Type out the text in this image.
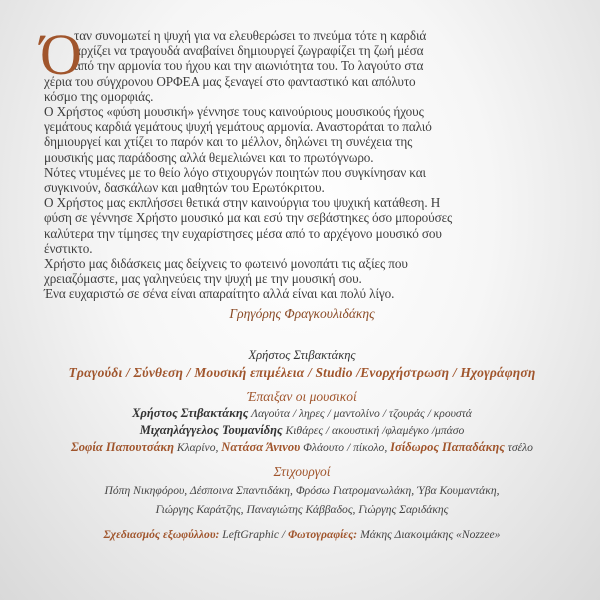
Ό
ταν συνομωτεί η ψυχή για να ελευθερώσει το πνεύμα τότε η καρδιά
αρχίζει να τραγουδά αναβαίνει δημιουργεί ζωγραφίζει τη ζωή μέσα
από την αρμονία του ήχου και την αιωνιότητα του. Το λαγούτο στα
χέρια του σύγχρονου ΟΡΦΕΑ μας ξεναγεί στο φανταστικό και απόλυτο
κόσμο της ομορφιάς.
Ο Χρήστος «φύση μουσική» γέννησε τους καινούριους μουσικούς ήχους
γεμάτους καρδιά γεμάτους ψυχή γεμάτους αρμονία. Αναστοράται το παλιό
δημιουργεί και χτίζει το παρόν και το μέλλον, δηλώνει τη συνέχεια της
μουσικής μας παράδοσης αλλά θεμελιώνει και το πρωτόγνωρο.
Νότες ντυμένες με το θείο λόγο στιχουργών ποιητών που συγκίνησαν και
συγκινούν, δασκάλων και μαθητών του Ερωτόκριτου.
Ο Χρήστος μας εκπλήσσει θετικά στην καινούργια του ψυχική κατάθεση. Η
φύση σε γέννησε Χρήστο μουσικό μα και εσύ την σεβάστηκες όσο μπορούσες
καλύτερα την τίμησες την ευχαρίστησες μέσα από το αρχέγονο μουσικό σου
ένστικτο.
Χρήστο μας διδάσκεις μας δείχνεις το φωτεινό μονοπάτι τις αξίες που
χρειαζόμαστε, μας γαληνεύεις την ψυχή με την μουσική σου.
Ένα ευχαριστώ σε σένα είναι απαραίτητο αλλά είναι και πολύ λίγο.
Γρηγόρης Φραγκουλιδάκης
Χρήστος Στιβακτάκης
Τραγούδι / Σύνθεση / Μουσική επιμέλεια / Studio /Ενορχήστρωση / Ηχογράφηση
Έπαιξαν οι μουσικοί
Χρήστος Στιβακτάκης Λαγούτα / ληρες / μαντολίνο / τζουράς / κρουστά
Μιχαηλάγγελος Τουμανίδης Κιθάρες / ακουστική /φλαμέγκο /μπάσο
Σοφία Παπουτσάκη Κλαρίνο, Νατάσα Άνινου Φλάουτο / πίκολο, Ισίδωρος Παπαδάκης τσέλο
Στιχουργοί
Πόπη Νικηφόρου, Δέσποινα Σπαντιδάκη, Φρόσω Γιατρομανωλάκη, Ύβα Κουμαντάκη,
Γιώργης Καράτζης, Παναγιώτης Κάββαδος, Γιώργης Σαριδάκης
Σχεδιασμός εξωφύλλου: LeftGraphic / Φωτογραφίες: Μάκης Διακοιμάκης «Nozzee»
